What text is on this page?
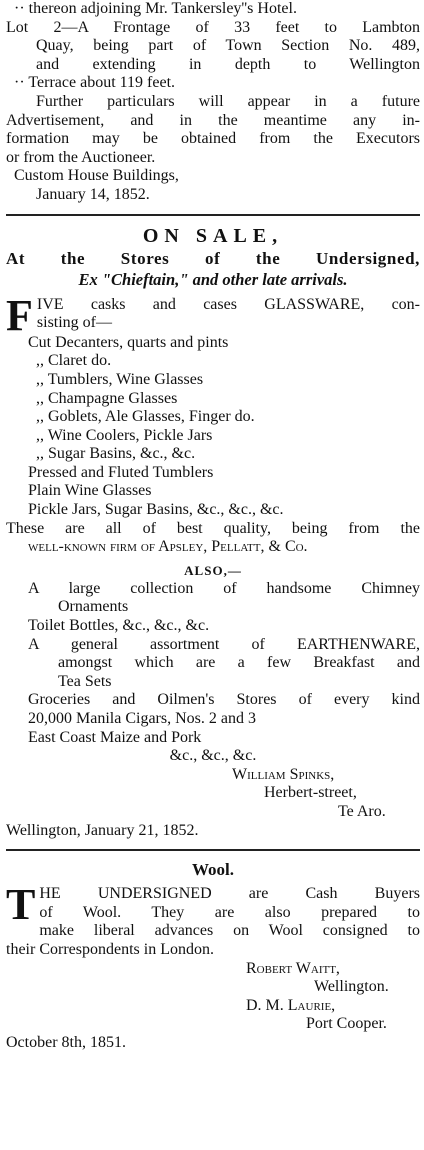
·· thereon adjoining Mr. Tankersley''s Hotel.
Lot 2—A Frontage of 33 feet to Lambton
Quay, being part of Town Section No. 489,
and extending in depth to Wellington
·· Terrace about 119 feet.
Further particulars will appear in a future
Advertisement, and in the meantime any in-
formation may be obtained from the Executors
or from the Auctioneer.
Custom House Buildings,
January 14, 1852.
ON SALE,
At the Stores of the Undersigned,
Ex "Chieftain," and other late arrivals.
F IVE casks and cases GLASSWARE, con-
sisting of—
Cut Decanters, quarts and pints
,, Claret do.
,, Tumblers, Wine Glasses
,, Champagne Glasses
,, Goblets, Ale Glasses, Finger do.
,, Wine Coolers, Pickle Jars
,, Sugar Basins, &c., &c.
Pressed and Fluted Tumblers
Plain Wine Glasses
Pickle Jars, Sugar Basins, &c., &c., &c.
These are all of best quality, being from the
well-known firm of Apsley, Pellatt, & Co.
ALSO,—
A large collection of handsome Chimney
Ornaments
Toilet Bottles, &c., &c., &c.
A general assortment of EARTHENWARE,
amongst which are a few Breakfast and
Tea Sets
Groceries and Oilmen's Stores of every kind
20,000 Manila Cigars, Nos. 2 and 3
East Coast Maize and Pork
&c., &c., &c.
William Spinks,
Herbert-street,
Te Aro.
Wellington, January 21, 1852.
Wool.
T HE UNDERSIGNED are Cash Buyers
of Wool. They are also prepared to
make liberal advances on Wool consigned to
their Correspondents in London.
Robert Waitt,
Wellington.
D. M. Laurie,
Port Cooper.
October 8th, 1851.
